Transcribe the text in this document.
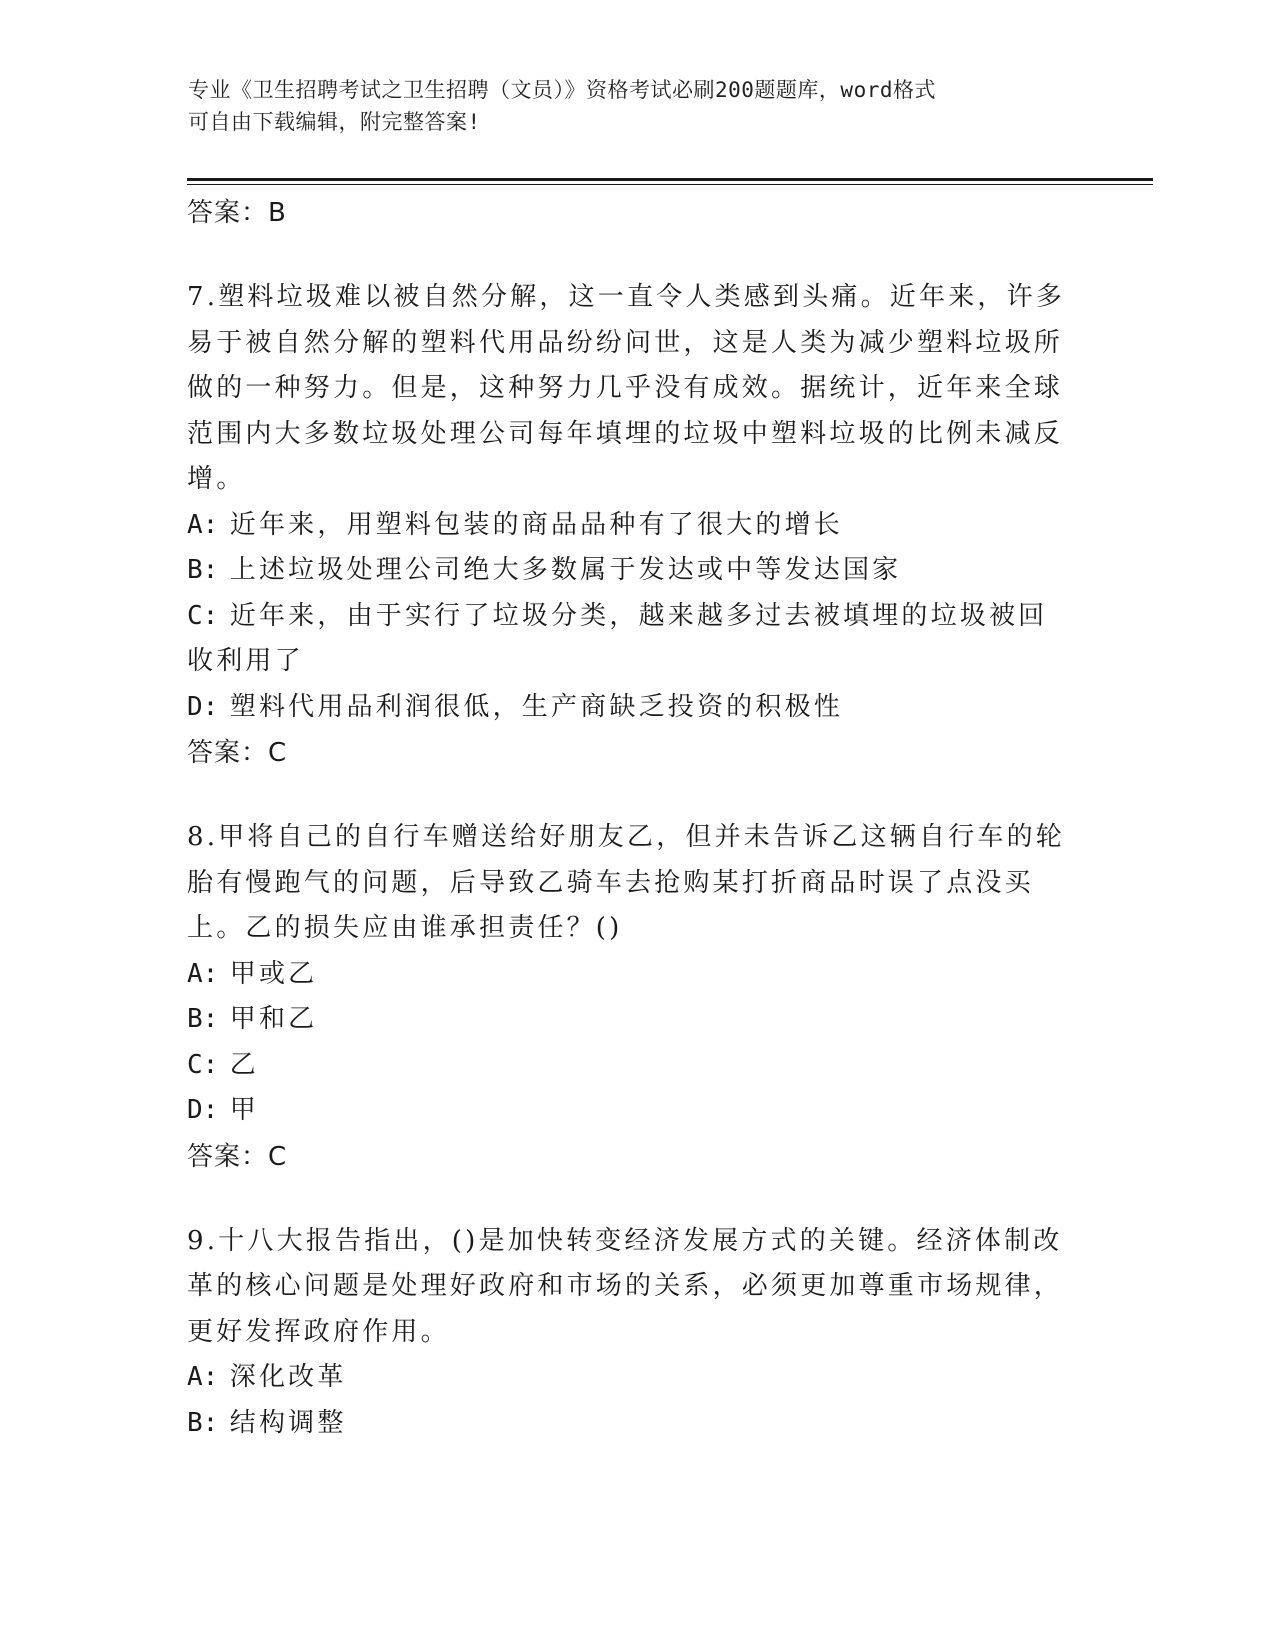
专业《卫生招聘考试之卫生招聘（文员）》资格考试必刷200题题库，word格式
可自由下载编辑，附完整答案!

答案：B

7.塑料垃圾难以被自然分解，这一直令人类感到头痛。近年来，许多易于被自然分解的塑料代用品纷纷问世，这是人类为减少塑料垃圾所做的一种努力。但是，这种努力几乎没有成效。据统计，近年来全球范围内大多数垃圾处理公司每年填埋的垃圾中塑料垃圾的比例未减反增。

A: 近年来，用塑料包装的商品品种有了很大的增长

B: 上述垃圾处理公司绝大多数属于发达或中等发达国家

C: 近年来，由于实行了垃圾分类，越来越多过去被填埋的垃圾被回收利用了

D: 塑料代用品利润很低，生产商缺乏投资的积极性

答案：C

8.甲将自己的自行车赠送给好朋友乙，但并未告诉乙这辆自行车的轮胎有慢跑气的问题，后导致乙骑车去抢购某打折商品时误了点没买上。乙的损失应由谁承担责任？()

A: 甲或乙

B: 甲和乙

C: 乙

D: 甲

答案：C

9.十八大报告指出，()是加快转变经济发展方式的关键。经济体制改革的核心问题是处理好政府和市场的关系，必须更加尊重市场规律，更好发挥政府作用。

A: 深化改革

B: 结构调整
